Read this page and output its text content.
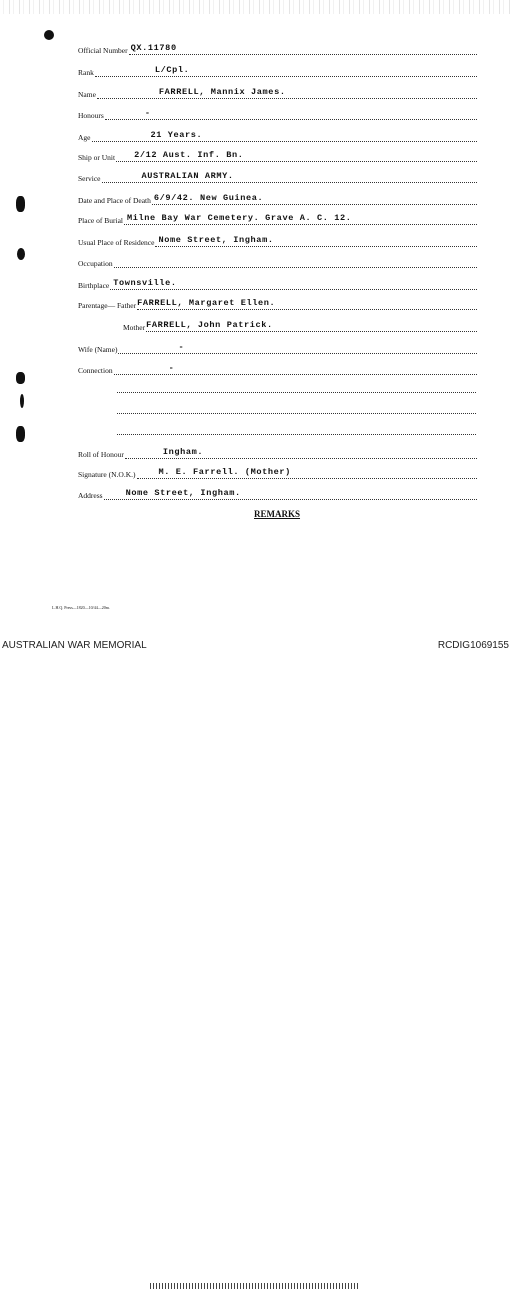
Official Number QX.11780
Rank	L/Cpl.
Name	FARRELL, Mannix James.
Honours	-
Age	21 Years.
Ship or Unit 2/12 Aust. Inf. Bn.
Service	AUSTRALIAN ARMY.
Date and Place of Death 6/9/42. New Guinea.
Place of Burial Milne Bay War Cemetery. Grave A. C. 12.
Usual Place of Residence Nome Street, Ingham.
Occupation
Birthplace Townsville.
Parentage— Father FARRELL, Margaret Ellen.
Mother FARRELL, John Patrick.
Wife (Name)	-
Connection	-
Roll of Honour	Ingham.
Signature (N.O.K.)	M. E. Farrell. (Mother)
Address	Nome Street, Ingham.
REMARKS
L.H.Q. Press—1820—10/44—20m.
AUSTRALIAN WAR MEMORIAL	RCDIG1069155
